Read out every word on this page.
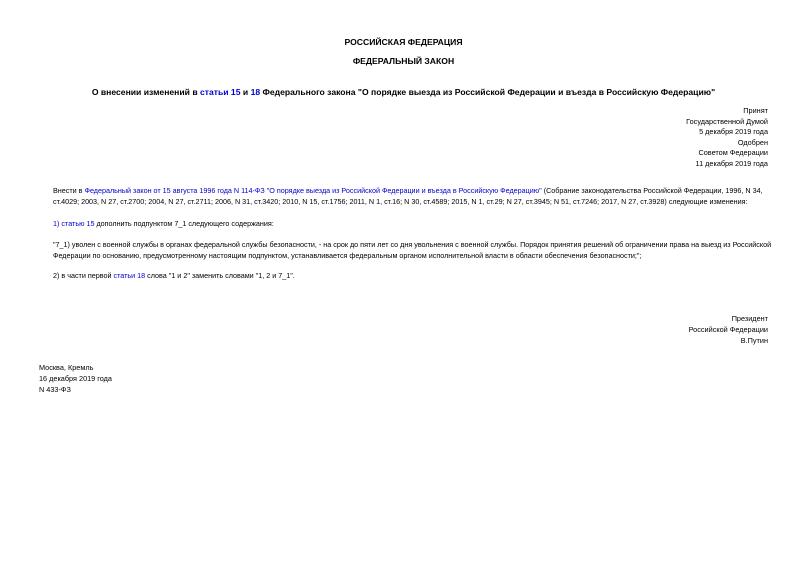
РОССИЙСКАЯ ФЕДЕРАЦИЯ
ФЕДЕРАЛЬНЫЙ ЗАКОН
О внесении изменений в статьи 15 и 18 Федерального закона "О порядке выезда из Российской Федерации и въезда в Российскую Федерацию"
Принят
Государственной Думой
5 декабря 2019 года
Одобрен
Советом Федерации
11 декабря 2019 года
Внести в Федеральный закон от 15 августа 1996 года N 114-ФЗ "О порядке выезда из Российской Федерации и въезда в Российскую Федерацию" (Собрание законодательства Российской Федерации, 1996, N 34, ст.4029; 2003, N 27, ст.2700; 2004, N 27, ст.2711; 2006, N 31, ст.3420; 2010, N 15, ст.1756; 2011, N 1, ст.16; N 30, ст.4589; 2015, N 1, ст.29; N 27, ст.3945; N 51, ст.7246; 2017, N 27, ст.3928) следующие изменения:
1) статью 15 дополнить подпунктом 7_1 следующего содержания:
"7_1) уволен с военной службы в органах федеральной службы безопасности, - на срок до пяти лет со дня увольнения с военной службы. Порядок принятия решений об ограничении права на выезд из Российской Федерации по основанию, предусмотренному настоящим подпунктом, устанавливается федеральным органом исполнительной власти в области обеспечения безопасности;";
2) в части первой статьи 18 слова "1 и 2" заменить словами "1, 2 и 7_1".
Президент
Российской Федерации
В.Путин
Москва, Кремль
16 декабря 2019 года
N 433-ФЗ
